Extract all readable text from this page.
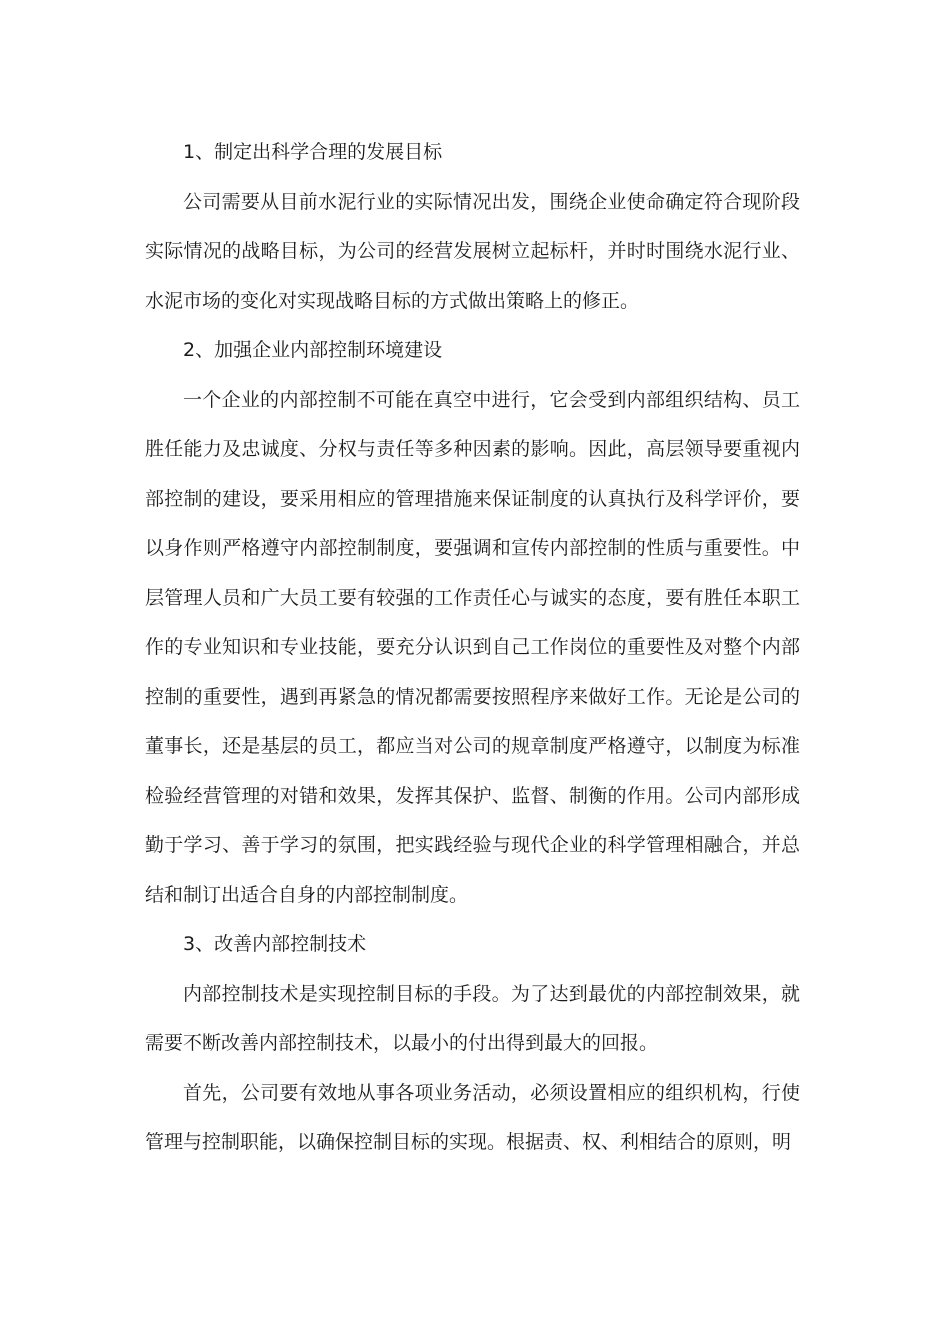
1、制定出科学合理的发展目标

公司需要从目前水泥行业的实际情况出发，围绕企业使命确定符合现阶段实际情况的战略目标，为公司的经营发展树立起标杆，并时时围绕水泥行业、水泥市场的变化对实现战略目标的方式做出策略上的修正。

2、加强企业内部控制环境建设

一个企业的内部控制不可能在真空中进行，它会受到内部组织结构、员工胜任能力及忠诚度、分权与责任等多种因素的影响。因此，高层领导要重视内部控制的建设，要采用相应的管理措施来保证制度的认真执行及科学评价，要以身作则严格遵守内部控制制度，要强调和宣传内部控制的性质与重要性。中层管理人员和广大员工要有较强的工作责任心与诚实的态度，要有胜任本职工作的专业知识和专业技能，要充分认识到自己工作岗位的重要性及对整个内部控制的重要性，遇到再紧急的情况都需要按照程序来做好工作。无论是公司的董事长，还是基层的员工，都应当对公司的规章制度严格遵守，以制度为标准检验经营管理的对错和效果，发挥其保护、监督、制衡的作用。公司内部形成勤于学习、善于学习的氛围，把实践经验与现代企业的科学管理相融合，并总结和制订出适合自身的内部控制制度。

3、改善内部控制技术

内部控制技术是实现控制目标的手段。为了达到最优的内部控制效果，就需要不断改善内部控制技术，以最小的付出得到最大的回报。

首先，公司要有效地从事各项业务活动，必须设置相应的组织机构，行使管理与控制职能，以确保控制目标的实现。根据责、权、利相结合的原则，明
